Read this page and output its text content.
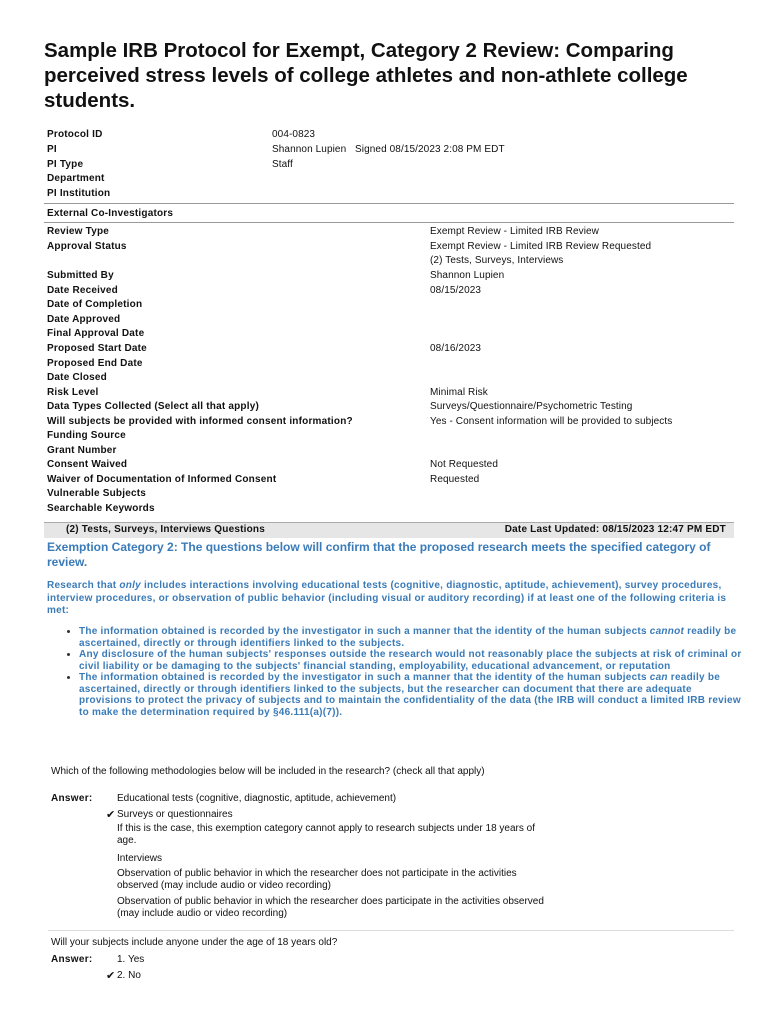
Sample IRB Protocol for Exempt, Category 2 Review: Comparing perceived stress levels of college athletes and non-athlete college students.
Protocol ID	004-0823
PI	Shannon Lupien Signed 08/15/2023 2:08 PM EDT
PI Type	Staff
Department
PI Institution
External Co-Investigators
Review Type	Exempt Review - Limited IRB Review
Approval Status	Exempt Review - Limited IRB Review Requested
(2) Tests, Surveys, Interviews
Submitted By	Shannon Lupien
Date Received	08/15/2023
Date of Completion
Date Approved
Final Approval Date
Proposed Start Date	08/16/2023
Proposed End Date
Date Closed
Risk Level	Minimal Risk
Data Types Collected (Select all that apply)	Surveys/Questionnaire/Psychometric Testing
Will subjects be provided with informed consent information?	Yes - Consent information will be provided to subjects
Funding Source
Grant Number
Consent Waived	Not Requested
Waiver of Documentation of Informed Consent	Requested
Vulnerable Subjects
Searchable Keywords
(2) Tests, Surveys, Interviews Questions	Date Last Updated: 08/15/2023 12:47 PM EDT
Exemption Category 2: The questions below will confirm that the proposed research meets the specified category of review.
Research that only includes interactions involving educational tests (cognitive, diagnostic, aptitude, achievement), survey procedures, interview procedures, or observation of public behavior (including visual or auditory recording) if at least one of the following criteria is met:
• The information obtained is recorded by the investigator in such a manner that the identity of the human subjects cannot readily be ascertained, directly or through identifiers linked to the subjects.
• Any disclosure of the human subjects' responses outside the research would not reasonably place the subjects at risk of criminal or civil liability or be damaging to the subjects' financial standing, employability, educational advancement, or reputation
• The information obtained is recorded by the investigator in such a manner that the identity of the human subjects can readily be ascertained, directly or through identifiers linked to the subjects, but the researcher can document that there are adequate provisions to protect the privacy of subjects and to maintain the confidentiality of the data (the IRB will conduct a limited IRB review to make the determination required by §46.111(a)(7)).
Which of the following methodologies below will be included in the research? (check all that apply)
Answer: Educational tests (cognitive, diagnostic, aptitude, achievement)
✔ Surveys or questionnaires
If this is the case, this exemption category cannot apply to research subjects under 18 years of age.
Interviews
Observation of public behavior in which the researcher does not participate in the activities observed (may include audio or video recording)
Observation of public behavior in which the researcher does participate in the activities observed (may include audio or video recording)
Will your subjects include anyone under the age of 18 years old?
Answer: 1. Yes
✔ 2. No
